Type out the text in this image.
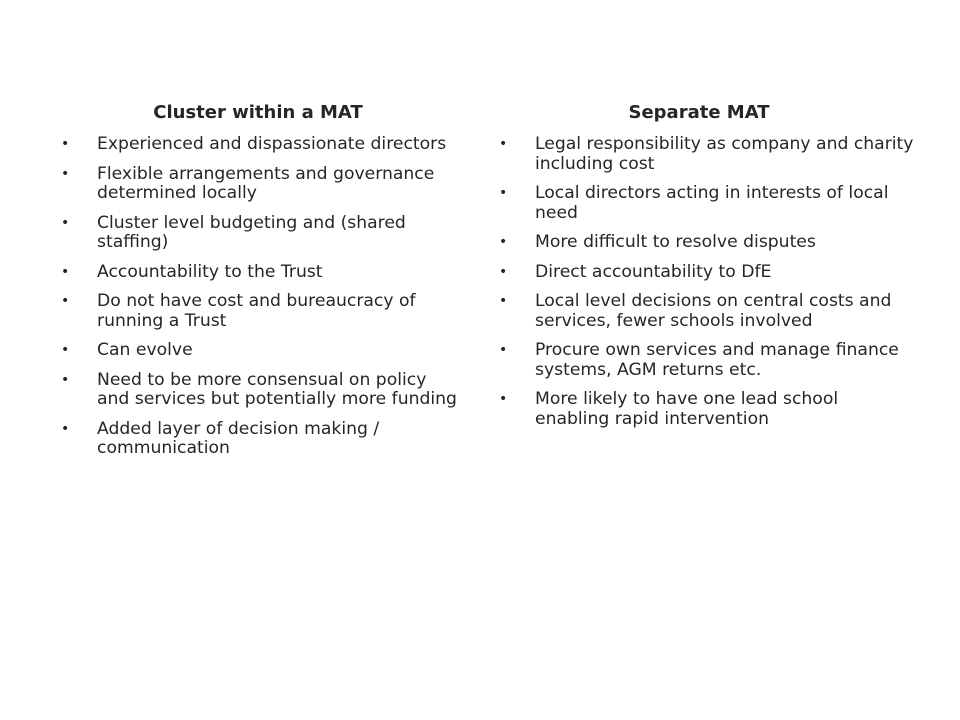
Cluster within a MAT
• Experienced and dispassionate directors
• Flexible arrangements and governance determined locally
• Cluster level budgeting and (shared staffing)
• Accountability to the Trust
• Do not have cost and bureaucracy of running a Trust
• Can evolve
• Need to be more consensual on policy and services but potentially more funding
• Added layer of decision making / communication
Separate MAT
• Legal responsibility as company and charity including cost
• Local directors acting in interests of local need
• More difficult to resolve disputes
• Direct accountability to DfE
• Local level decisions on central costs and services, fewer schools involved
• Procure own services and manage finance systems, AGM returns etc.
• More likely to have one lead school enabling rapid intervention
